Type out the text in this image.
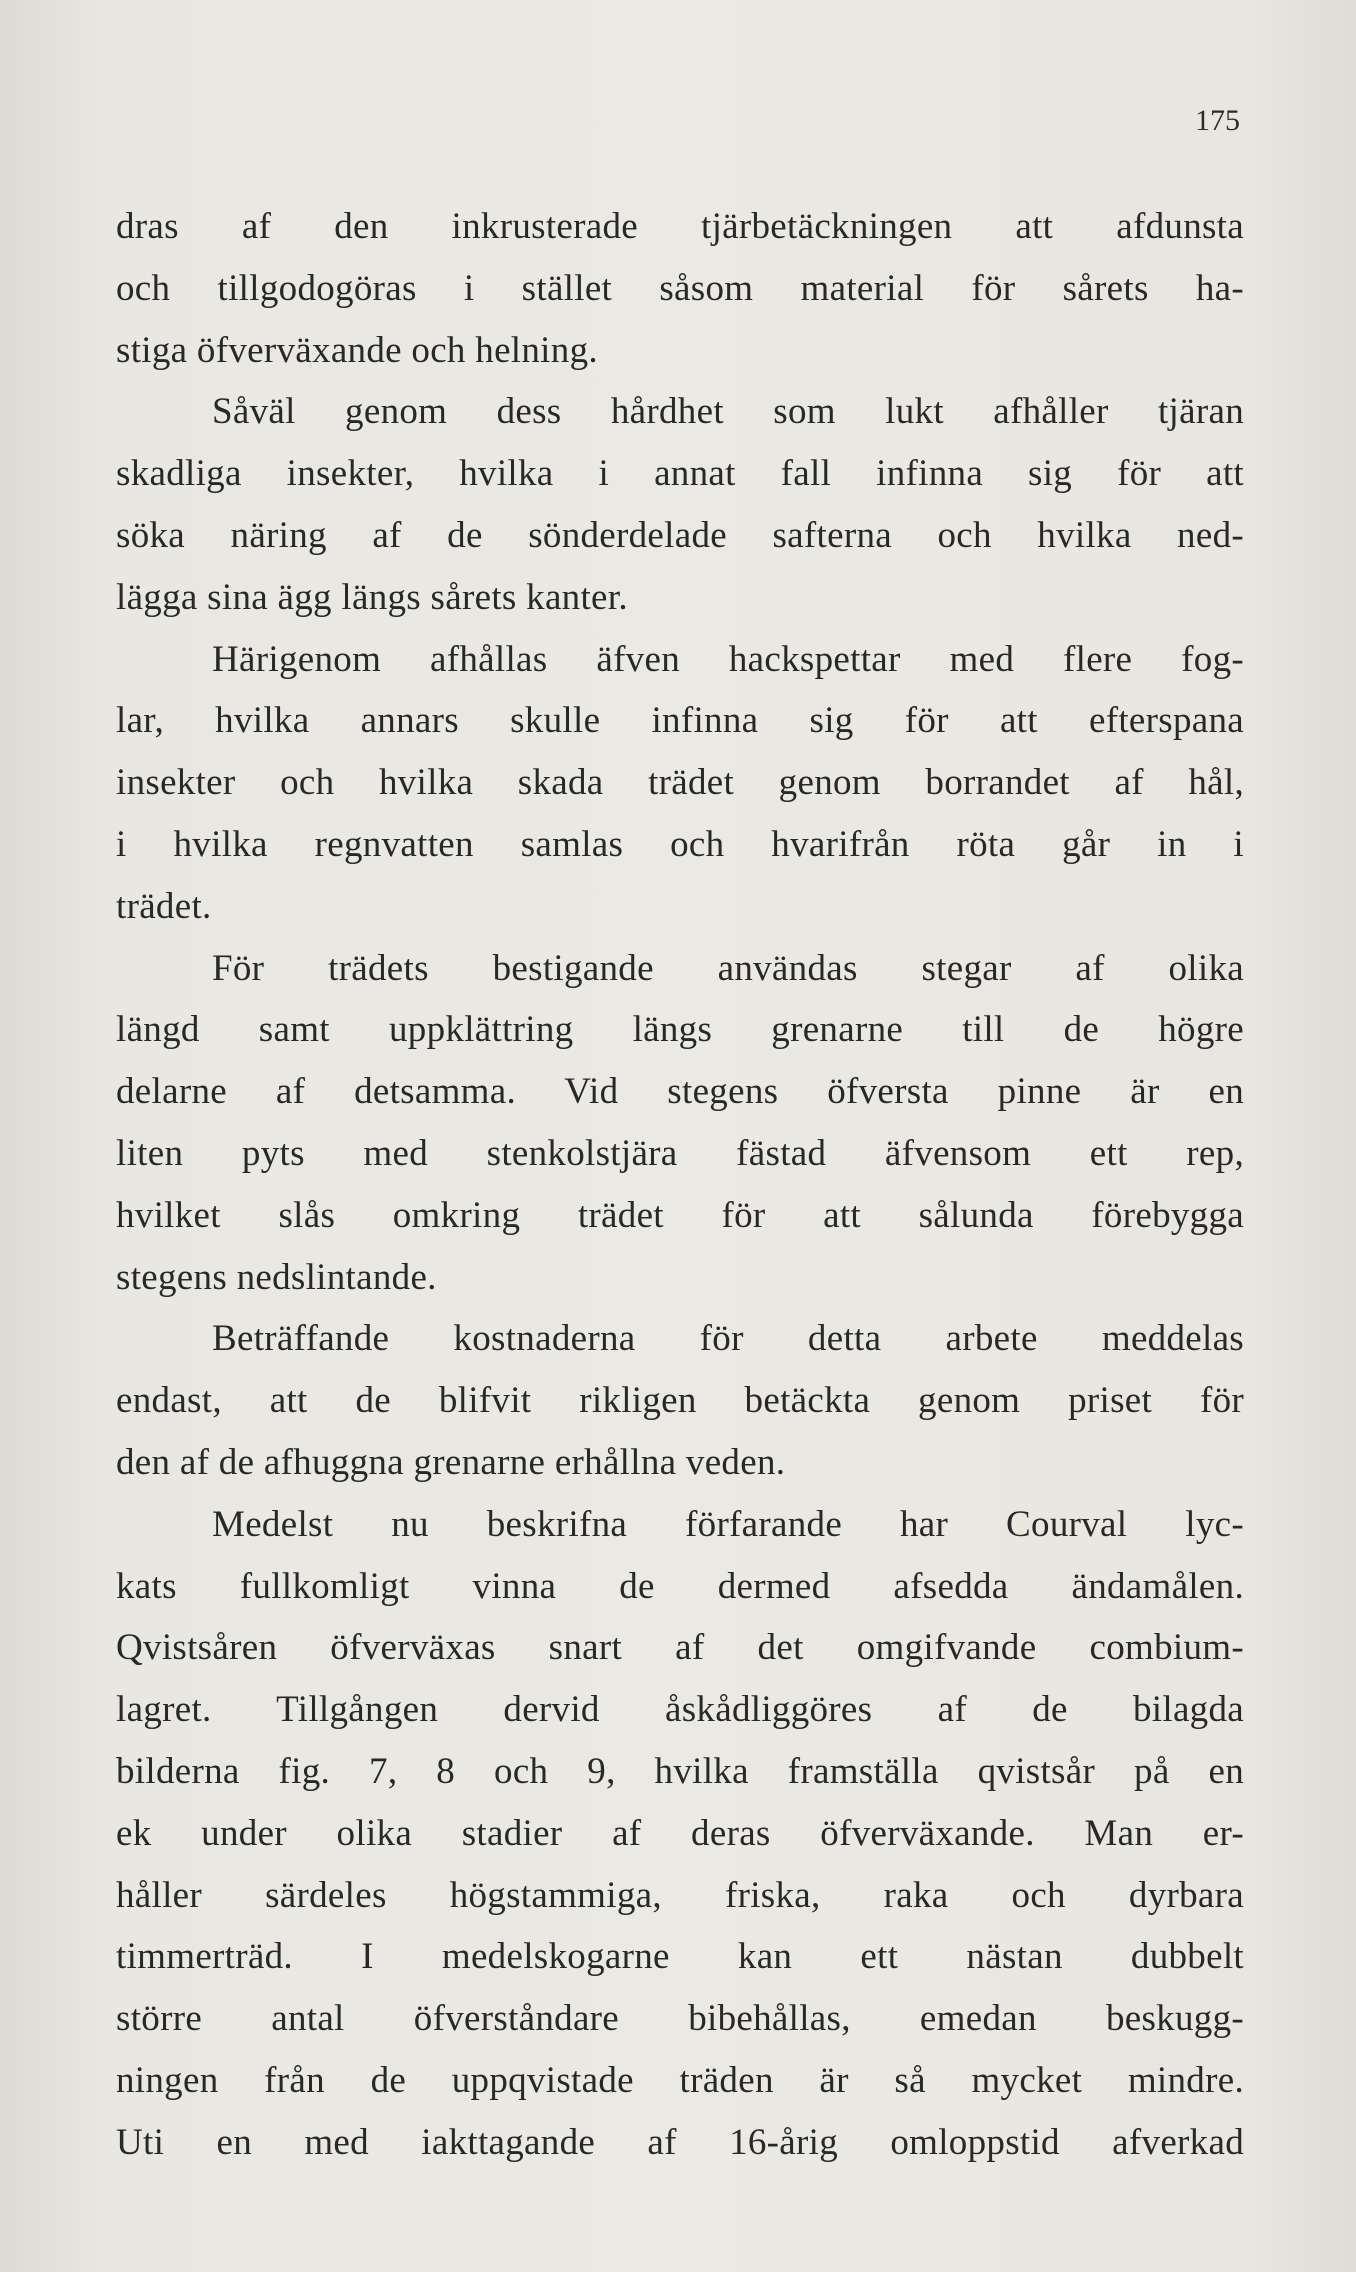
175
dras af den inkrusterade tjärbetäckningen att afdunsta
och tillgodogöras i stället såsom material för sårets ha-
stiga öfverväxande och helning.
Såväl genom dess hårdhet som lukt afhåller tjäran
skadliga insekter, hvilka i annat fall infinna sig för att
söka näring af de sönderdelade safterna och hvilka ned-
lägga sina ägg längs sårets kanter.
Härigenom afhållas äfven hackspettar med flere fog-
lar, hvilka annars skulle infinna sig för att efterspana
insekter och hvilka skada trädet genom borrandet af hål,
i hvilka regnvatten samlas och hvarifrån röta går in i
trädet.
För trädets bestigande användas stegar af olika
längd samt uppklättring längs grenarne till de högre
delarne af detsamma. Vid stegens öfversta pinne är en
liten pyts med stenkolstjära fästad äfvensom ett rep,
hvilket slås omkring trädet för att sålunda förebygga
stegens nedslintande.
Beträffande kostnaderna för detta arbete meddelas
endast, att de blifvit rikligen betäckta genom priset för
den af de afhuggna grenarne erhållna veden.
Medelst nu beskrifna förfarande har Courval lyc-
kats fullkomligt vinna de dermed afsedda ändamålen.
Qvistsåren öfverväxas snart af det omgifvande combium-
lagret. Tillgången dervid åskådliggöres af de bilagda
bilderna fig. 7, 8 och 9, hvilka framställa qvistsår på en
ek under olika stadier af deras öfverväxande. Man er-
håller särdeles högstammiga, friska, raka och dyrbara
timmerträd. I medelskogarne kan ett nästan dubbelt
större antal öfverståndare bibehållas, emedan beskugg-
ningen från de uppqvistade träden är så mycket mindre.
Uti en med iakttagande af 16-årig omloppstid afverkad
